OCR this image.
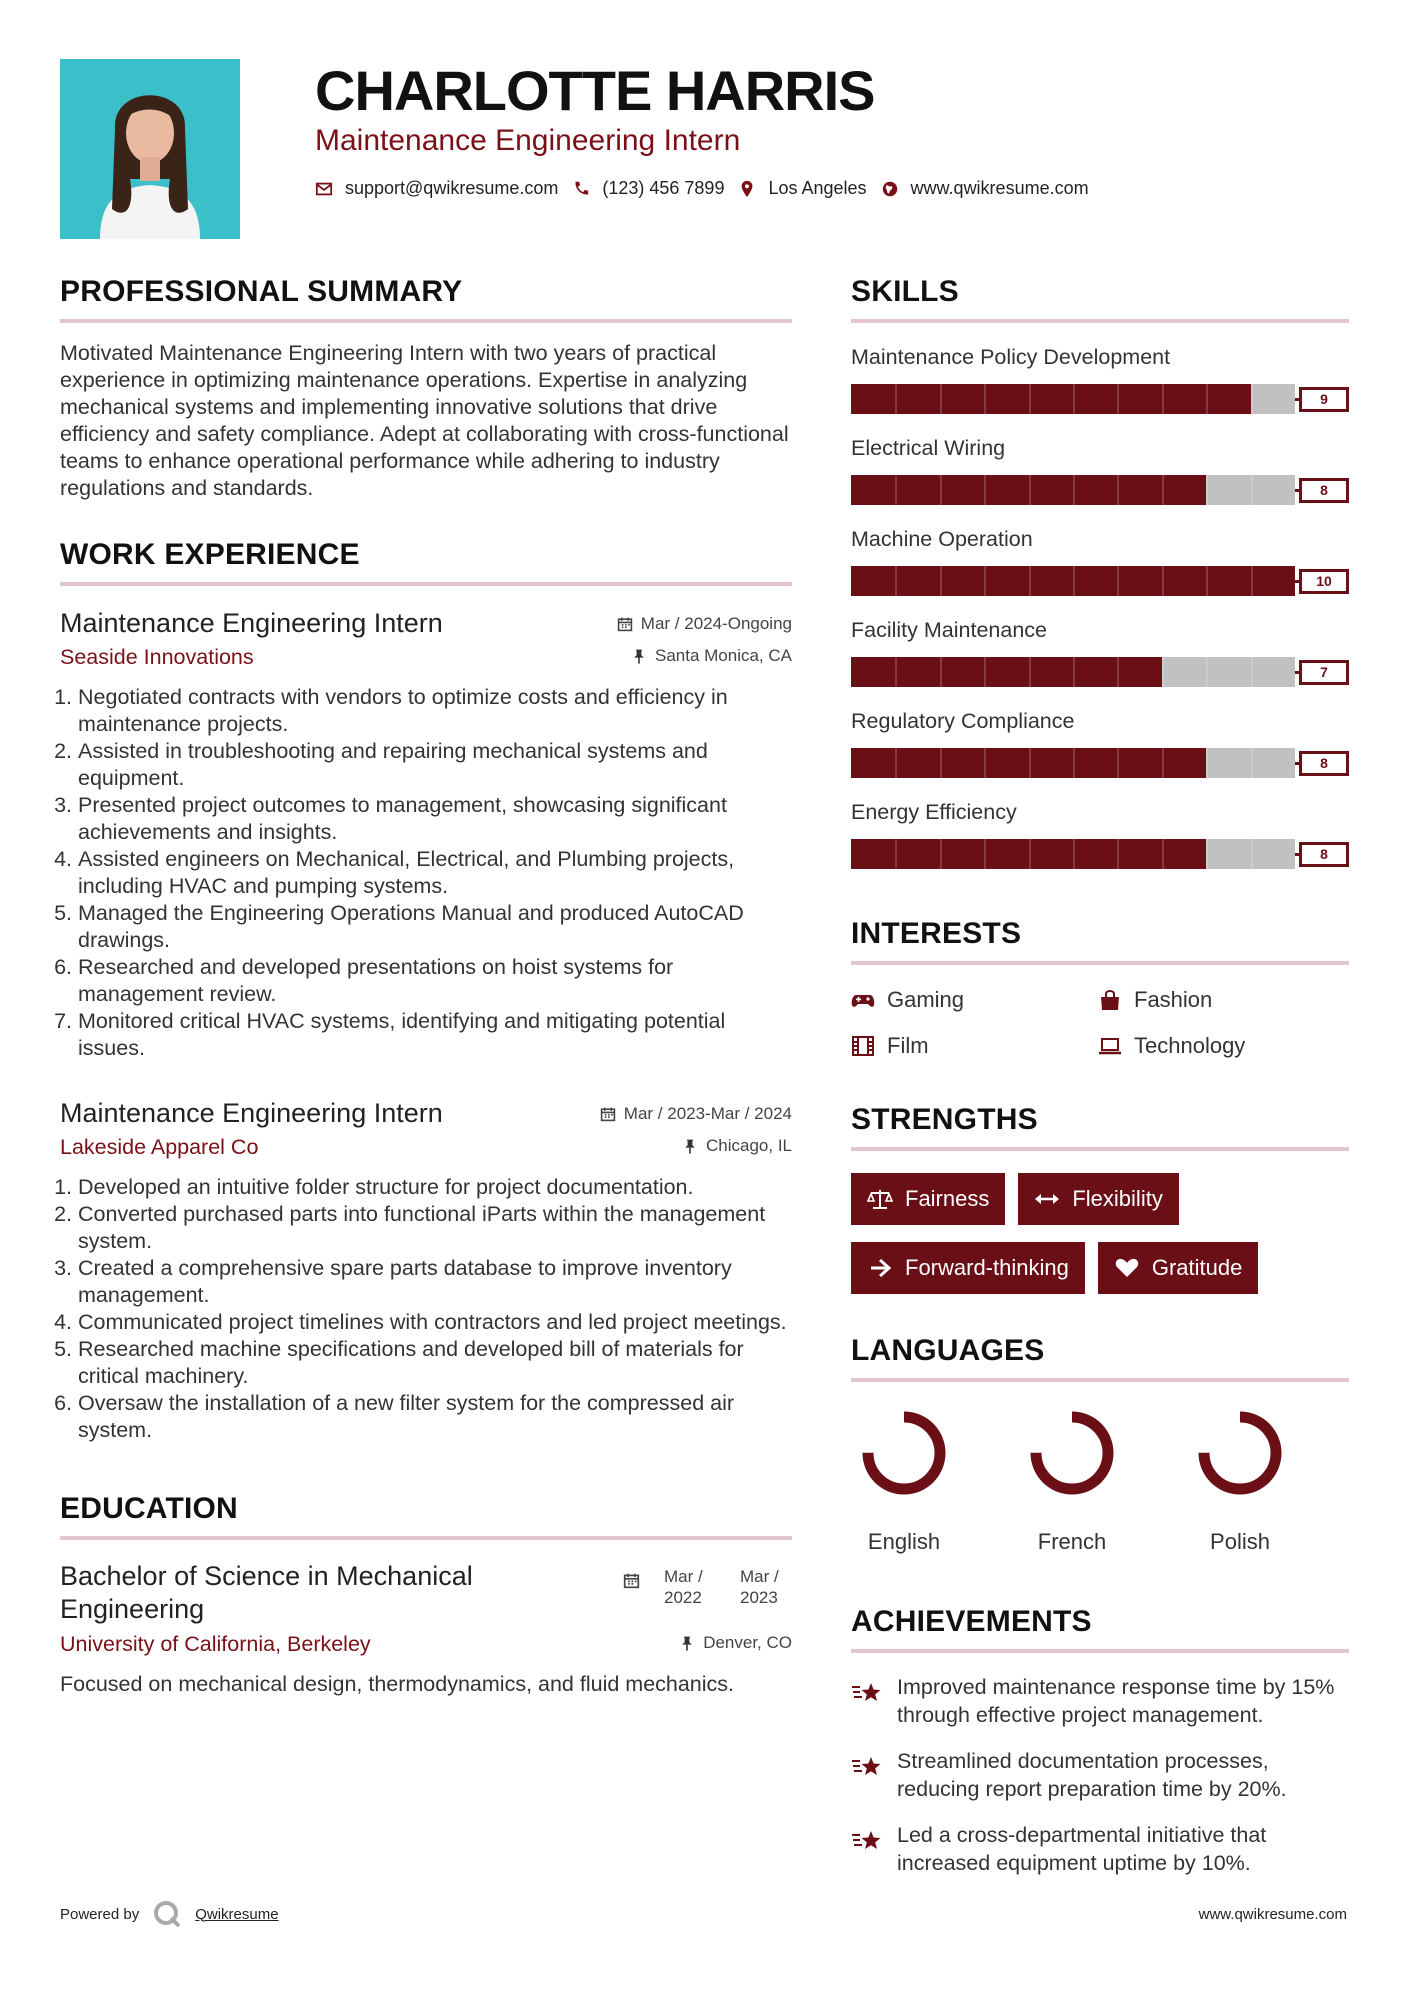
CHARLOTTE HARRIS
Maintenance Engineering Intern
support@qwikresume.com (123) 456 7899 Los Angeles www.qwikresume.com
PROFESSIONAL SUMMARY

Motivated Maintenance Engineering Intern with two years of practical experience in optimizing maintenance operations. Expertise in analyzing mechanical systems and implementing innovative solutions that drive efficiency and safety compliance. Adept at collaborating with cross-functional teams to enhance operational performance while adhering to industry regulations and standards.

WORK EXPERIENCE
Maintenance Engineering Intern	Mar / 2024-Ongoing
Seaside Innovations	Santa Monica, CA
1. Negotiated contracts with vendors to optimize costs and efficiency in maintenance projects.
2. Assisted in troubleshooting and repairing mechanical systems and equipment.
3. Presented project outcomes to management, showcasing significant achievements and insights.
4. Assisted engineers on Mechanical, Electrical, and Plumbing projects, including HVAC and pumping systems.
5. Managed the Engineering Operations Manual and produced AutoCAD drawings.
6. Researched and developed presentations on hoist systems for management review.
7. Monitored critical HVAC systems, identifying and mitigating potential issues.
Maintenance Engineering Intern	Mar / 2023-Mar / 2024
Lakeside Apparel Co	Chicago, IL
1. Developed an intuitive folder structure for project documentation.
2. Converted purchased parts into functional iParts within the management system.
3. Created a comprehensive spare parts database to improve inventory management.
4. Communicated project timelines with contractors and led project meetings.
5. Researched machine specifications and developed bill of materials for critical machinery.
6. Oversaw the installation of a new filter system for the compressed air system.
EDUCATION
Bachelor of Science in Mechanical Engineering
Mar / 2022
Mar / 2023
University of California, Berkeley	Denver, CO

Focused on mechanical design, thermodynamics, and fluid mechanics.

SKILLS
Maintenance Policy Development
9
Electrical Wiring
8
Machine Operation
10
Facility Maintenance
7
Regulatory Compliance
8
Energy Efficiency
8
INTERESTS
Gaming	Fashion
Film	Technology
STRENGTHS
Fairness	Flexibility
Forward-thinking	Gratitude
LANGUAGES
English	French	Polish
ACHIEVEMENTS
Improved maintenance response time by 15% through effective project management.
Streamlined documentation processes, reducing report preparation time by 20%.
Led a cross-departmental initiative that increased equipment uptime by 10%.
Powered by	Qwikresume	www.qwikresume.com
